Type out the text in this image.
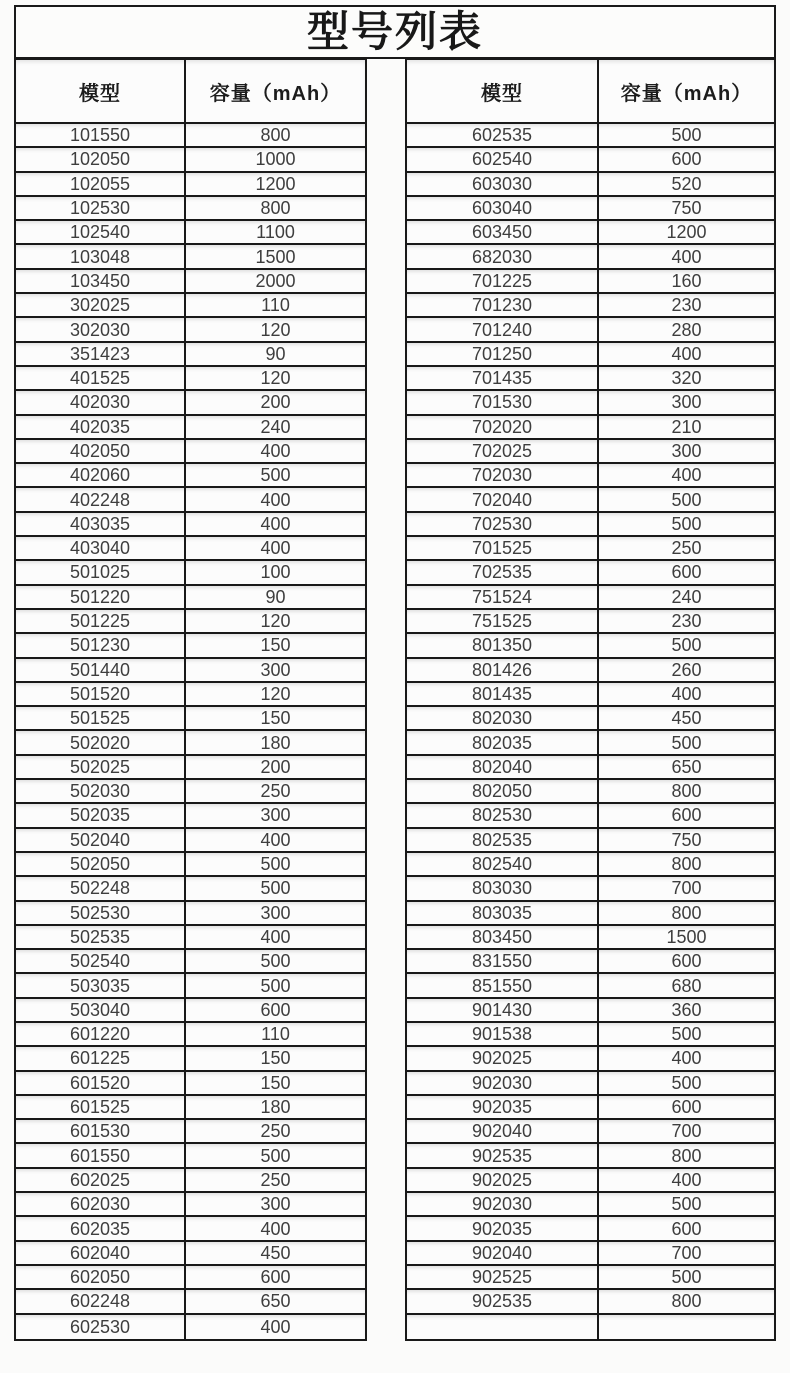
型号列表
模型	容量（mAh）
101550	800
102050	1000
102055	1200
102530	800
102540	1100
103048	1500
103450	2000
302025	110
302030	120
351423	90
401525	120
402030	200
402035	240
402050	400
402060	500
402248	400
403035	400
403040	400
501025	100
501220	90
501225	120
501230	150
501440	300
501520	120
501525	150
502020	180
502025	200
502030	250
502035	300
502040	400
502050	500
502248	500
502530	300
502535	400
502540	500
503035	500
503040	600
601220	110
601225	150
601520	150
601525	180
601530	250
601550	500
602025	250
602030	300
602035	400
602040	450
602050	600
602248	650
602530	400
模型	容量（mAh）
602535	500
602540	600
603030	520
603040	750
603450	1200
682030	400
701225	160
701230	230
701240	280
701250	400
701435	320
701530	300
702020	210
702025	300
702030	400
702040	500
702530	500
701525	250
702535	600
751524	240
751525	230
801350	500
801426	260
801435	400
802030	450
802035	500
802040	650
802050	800
802530	600
802535	750
802540	800
803030	700
803035	800
803450	1500
831550	600
851550	680
901430	360
901538	500
902025	400
902030	500
902035	600
902040	700
902535	800
902025	400
902030	500
902035	600
902040	700
902525	500
902535	800
